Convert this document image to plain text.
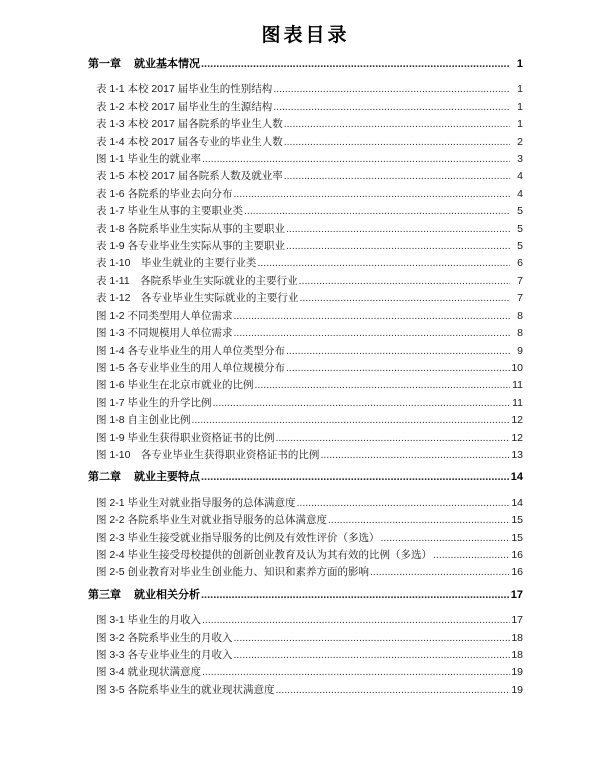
图表目录
第一章 就业基本情况 .....	1
表 1-1 本校 2017 届毕业生的性别结构 .....	1
表 1-2 本校 2017 届毕业生的生源结构 .....	1
表 1-3 本校 2017 届各院系的毕业生人数 .....	1
表 1-4 本校 2017 届各专业的毕业生人数 .....	2
图 1-1 毕业生的就业率 .....	3
表 1-5 本校 2017 届各院系人数及就业率 .....	4
表 1-6 各院系的毕业去向分布 .....	4
表 1-7 毕业生从事的主要职业类 .....	5
表 1-8 各院系毕业生实际从事的主要职业 .....	5
表 1-9 各专业毕业生实际从事的主要职业 .....	5
表 1-10　毕业生就业的主要行业类 .....	6
表 1-11　各院系毕业生实际就业的主要行业 .....	7
表 1-12　各专业毕业生实际就业的主要行业 .....	7
图 1-2 不同类型用人单位需求 .....	8
图 1-3 不同规模用人单位需求 .....	8
图 1-4 各专业毕业生的用人单位类型分布 .....	9
图 1-5 各专业毕业生的用人单位规模分布 .....	10
图 1-6 毕业生在北京市就业的比例 .....	11
图 1-7 毕业生的升学比例 .....	11
图 1-8 自主创业比例 .....	12
图 1-9 毕业生获得职业资格证书的比例 .....	12
图 1-10　各专业毕业生获得职业资格证书的比例 .....	13
第二章 就业主要特点 .....	14
图 2-1 毕业生对就业指导服务的总体满意度 .....	14
图 2-2 各院系毕业生对就业指导服务的总体满意度 .....	15
图 2-3 毕业生接受就业指导服务的比例及有效性评价（多选） .....	15
图 2-4 毕业生接受母校提供的创新创业教育及认为其有效的比例（多选） .....	16
图 2-5 创业教育对毕业生创业能力、知识和素养方面的影响 .....	16
第三章 就业相关分析 .....	17
图 3-1 毕业生的月收入 .....	17
图 3-2 各院系毕业生的月收入 .....	18
图 3-3 各专业毕业生的月收入 .....	18
图 3-4 就业现状满意度 .....	19
图 3-5 各院系毕业生的就业现状满意度 .....	19
